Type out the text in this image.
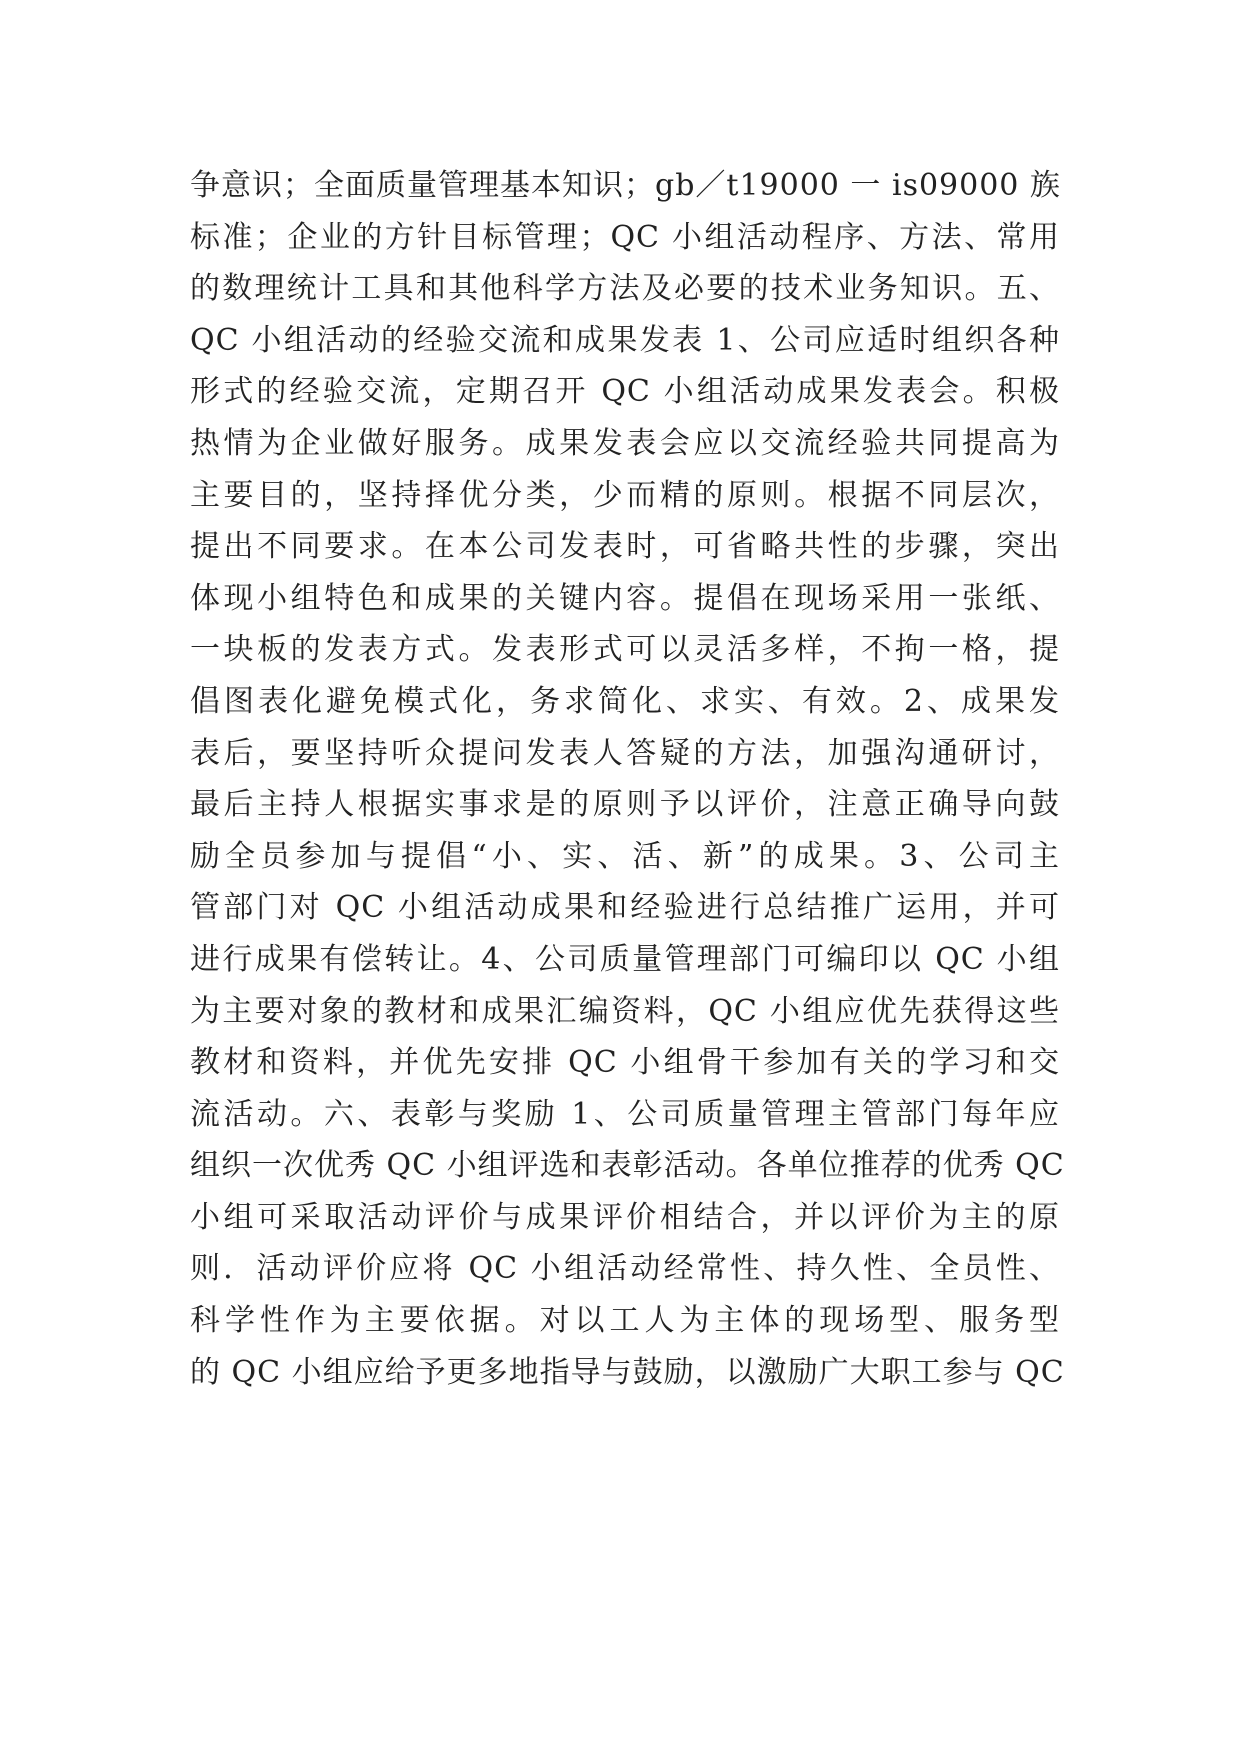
争意识；全面质量管理基本知识；gb／t19000 一 is09000 族
标准；企业的方针目标管理；QC 小组活动程序、方法、常用
的数理统计工具和其他科学方法及必要的技术业务知识。五、
QC 小组活动的经验交流和成果发表 1、公司应适时组织各种
形式的经验交流，定期召开 QC 小组活动成果发表会。积极
热情为企业做好服务。成果发表会应以交流经验共同提高为
主要目的，坚持择优分类，少而精的原则。根据不同层次，
提出不同要求。在本公司发表时，可省略共性的步骤，突出
体现小组特色和成果的关键内容。提倡在现场采用一张纸、
一块板的发表方式。发表形式可以灵活多样，不拘一格，提
倡图表化避免模式化，务求简化、求实、有效。2、成果发
表后，要坚持听众提问发表人答疑的方法，加强沟通研讨，
最后主持人根据实事求是的原则予以评价，注意正确导向鼓
励全员参加与提倡“小、实、活、新”的成果。3、公司主
管部门对 QC 小组活动成果和经验进行总结推广运用，并可
进行成果有偿转让。4、公司质量管理部门可编印以 QC 小组
为主要对象的教材和成果汇编资料，QC 小组应优先获得这些
教材和资料，并优先安排 QC 小组骨干参加有关的学习和交
流活动。六、表彰与奖励 1、公司质量管理主管部门每年应
组织一次优秀 QC 小组评选和表彰活动。各单位推荐的优秀 QC
小组可采取活动评价与成果评价相结合，并以评价为主的原
则．活动评价应将 QC 小组活动经常性、持久性、全员性、
科学性作为主要依据。对以工人为主体的现场型、服务型
的 QC 小组应给予更多地指导与鼓励，以激励广大职工参与 QC
